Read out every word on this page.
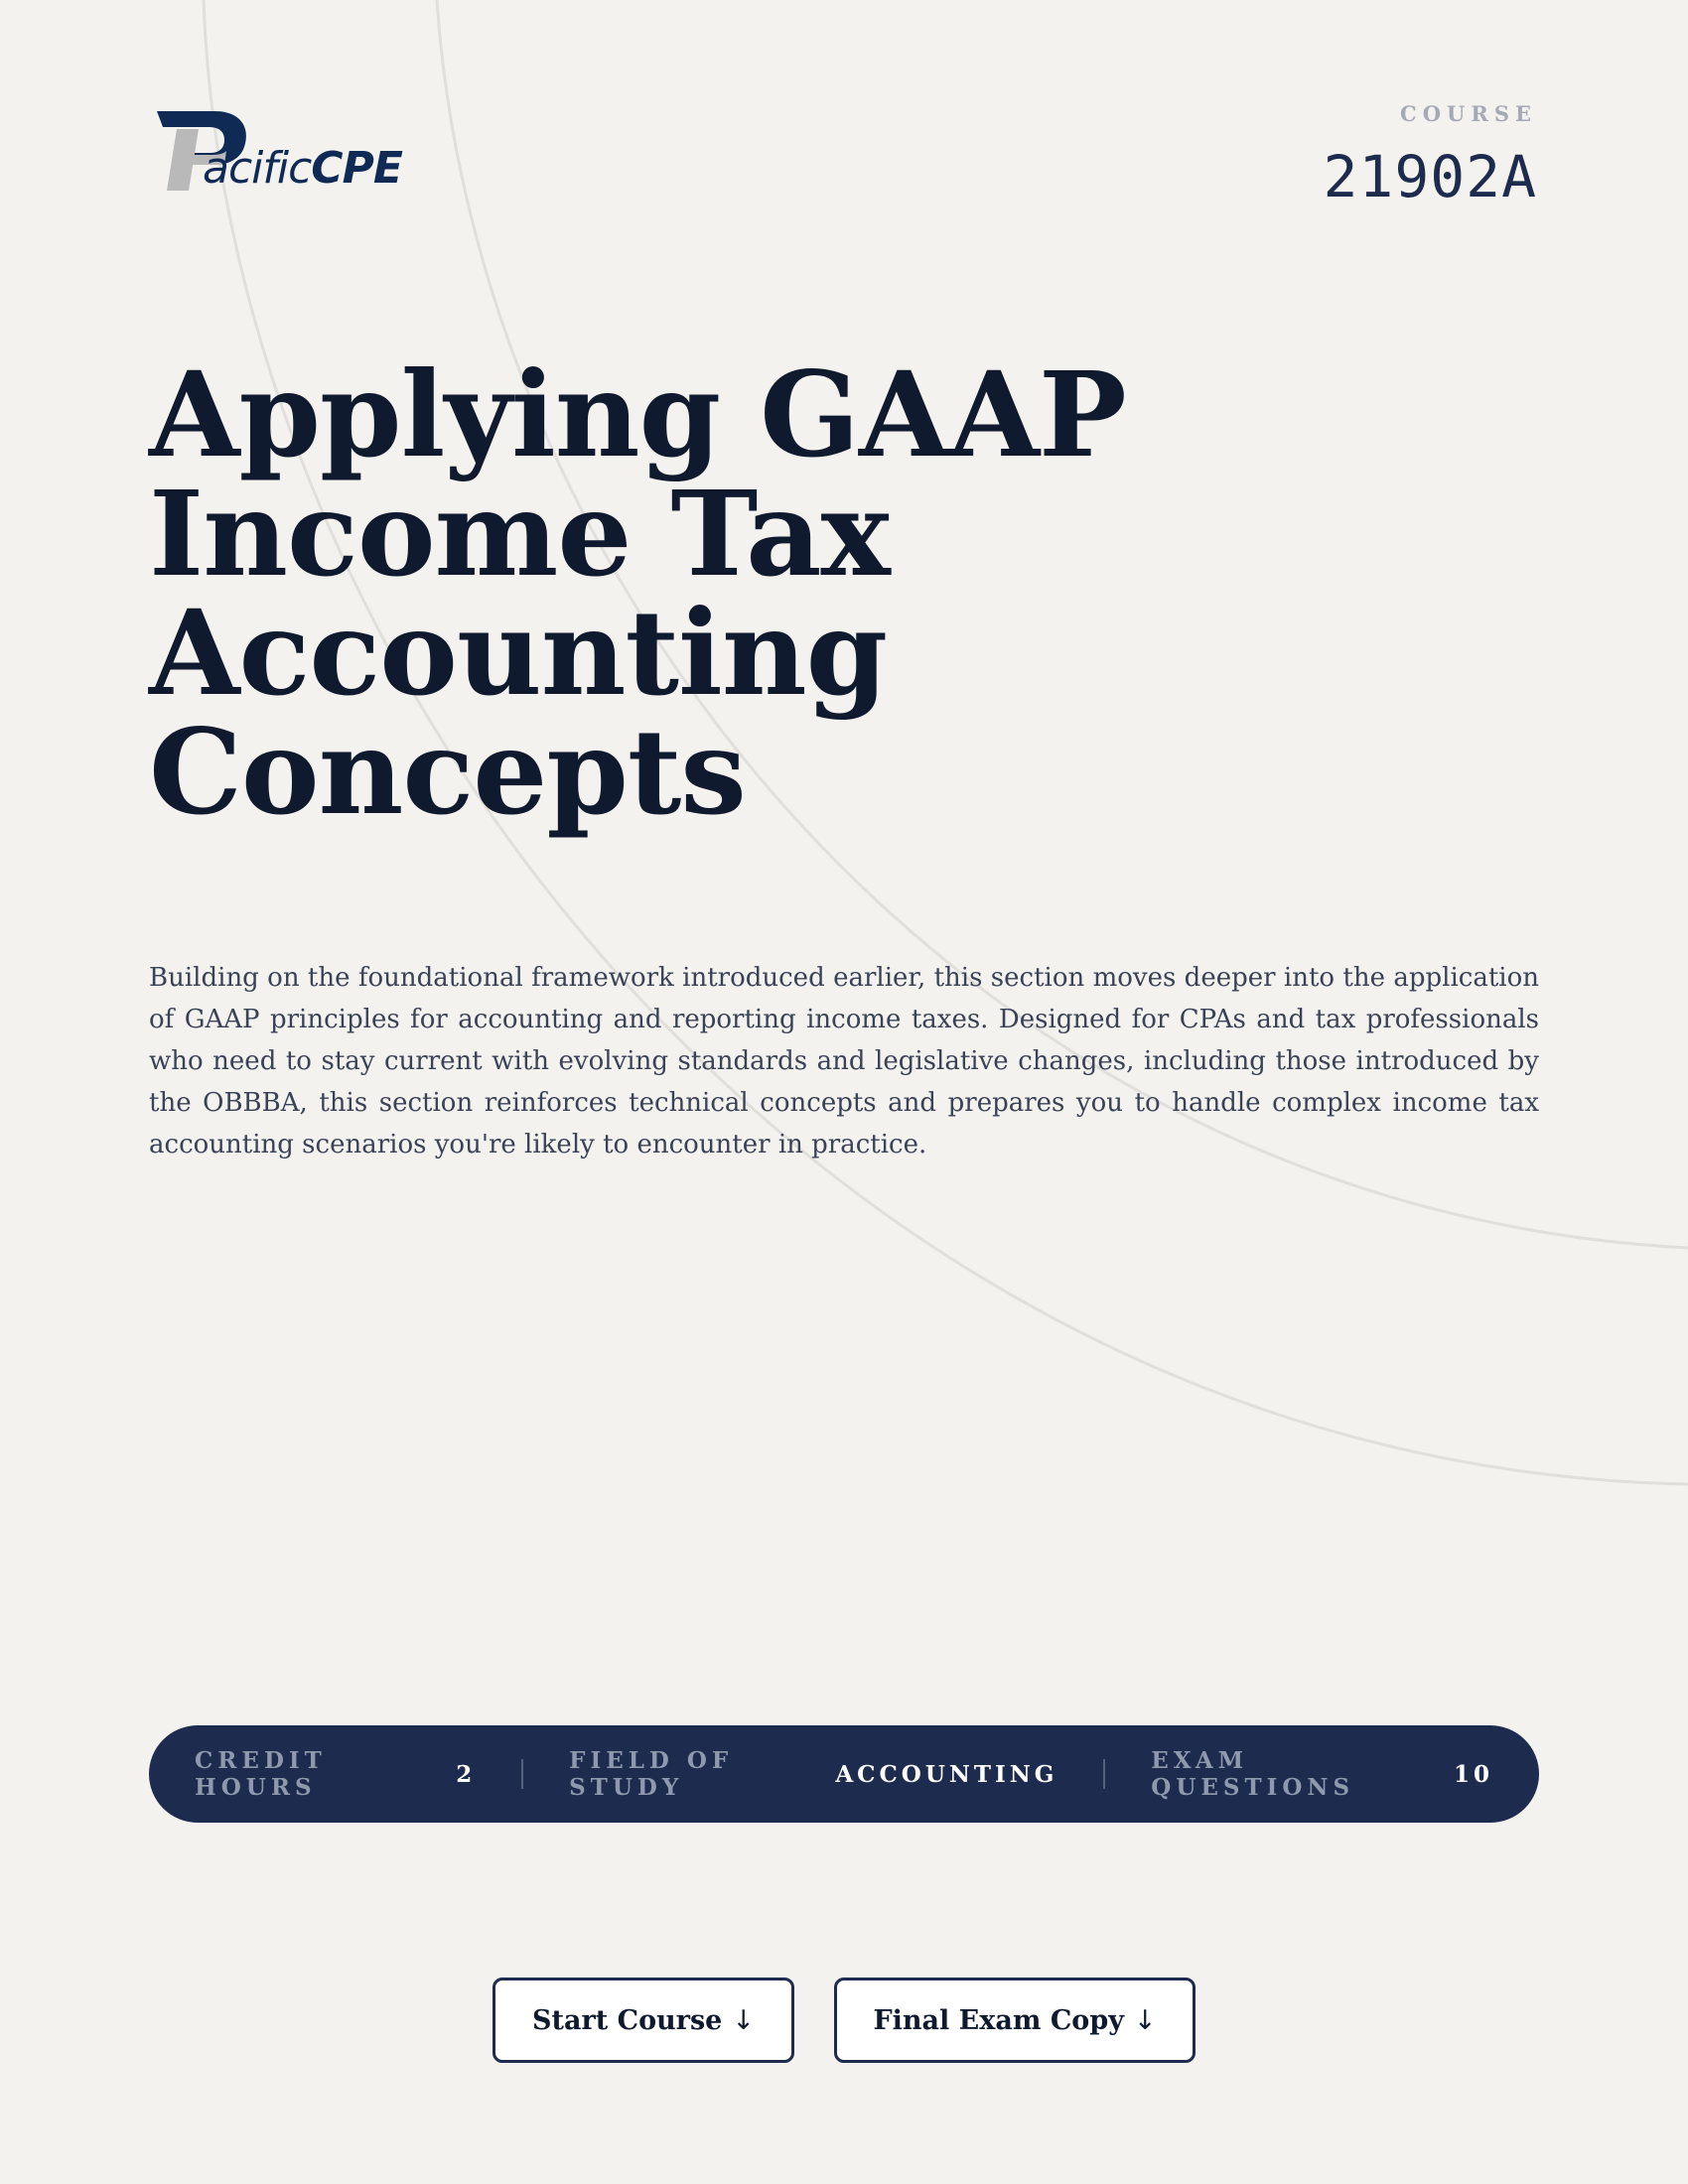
acificCPE
COURSE
21902A
Applying GAAP
Income Tax
Accounting
Concepts

Building on the foundational framework introduced earlier, this section moves deeper into the application of GAAP principles for accounting and reporting income taxes. Designed for CPAs and tax professionals who need to stay current with evolving standards and legislative changes, including those introduced by the OBBBA, this section reinforces technical concepts and prepares you to handle complex income tax accounting scenarios you're likely to encounter in practice.

CREDIT HOURS	2	FIELD OF STUDY	ACCOUNTING	EXAM QUESTIONS	10
Start Course ↓	Final Exam Copy ↓
